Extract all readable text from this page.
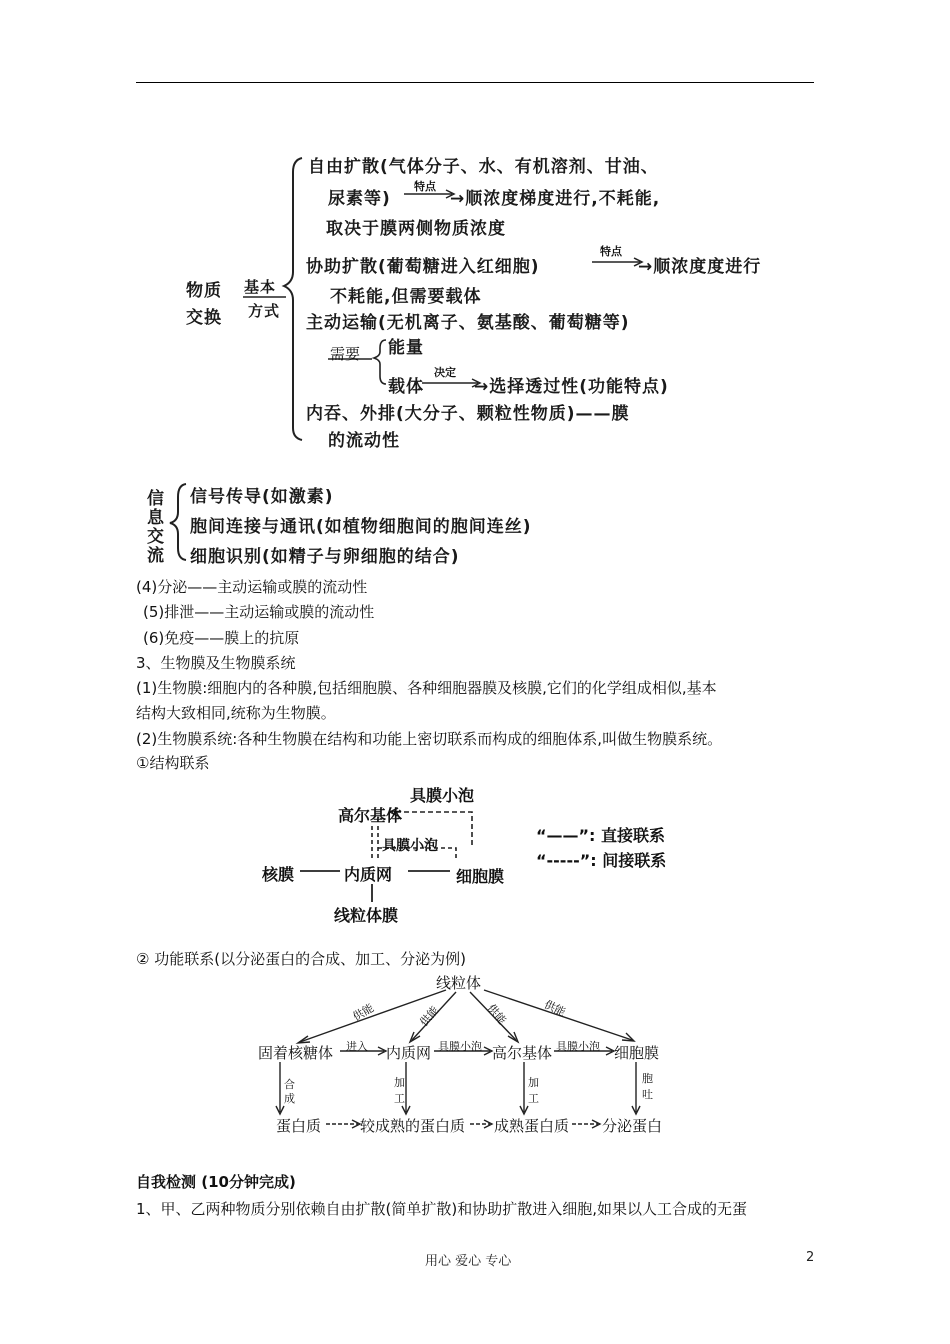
物质
交换
基本
方式
自由扩散(气体分子、水、有机溶剂、甘油、
尿素等)
特点
→顺浓度梯度进行,不耗能,
取决于膜两侧物质浓度
协助扩散(葡萄糖进入红细胞)
特点
→顺浓度度进行
不耗能,但需要载体
主动运输(无机离子、氨基酸、葡萄糖等)
需要 能量
载体
决定
→选择透过性(功能特点)
内吞、外排(大分子、颗粒性物质)——膜
的流动性
信
息
交
流
信号传导(如激素)
胞间连接与通讯(如植物细胞间的胞间连丝)
细胞识别(如精子与卵细胞的结合)
(4)分泌——主动运输或膜的流动性
(5)排泄——主动运输或膜的流动性
(6)免疫——膜上的抗原
3、生物膜及生物膜系统
(1)生物膜:细胞内的各种膜,包括细胞膜、各种细胞器膜及核膜,它们的化学组成相似,基本
结构大致相同,统称为生物膜。
(2)生物膜系统:各种生物膜在结构和功能上密切联系而构成的细胞体系,叫做生物膜系统。
①结构联系
具膜小泡
高尔基体
具膜小泡
核膜	内质网	细胞膜
线粒体膜
“——”: 直接联系
“-----”: 间接联系
② 功能联系(以分泌蛋白的合成、加工、分泌为例)
线粒体
供能	供能	供能	供能
固着核糖体 进入 内质网 具膜小泡 高尔基体 具膜小泡 细胞膜
合
成
加
工
加
工
胞
吐
蛋白质	较成熟的蛋白质 成熟蛋白质 分泌蛋白
自我检测 (10分钟完成)
1、甲、乙两种物质分别依赖自由扩散(简单扩散)和协助扩散进入细胞,如果以人工合成的无蛋
用心 爱心 专心	2
